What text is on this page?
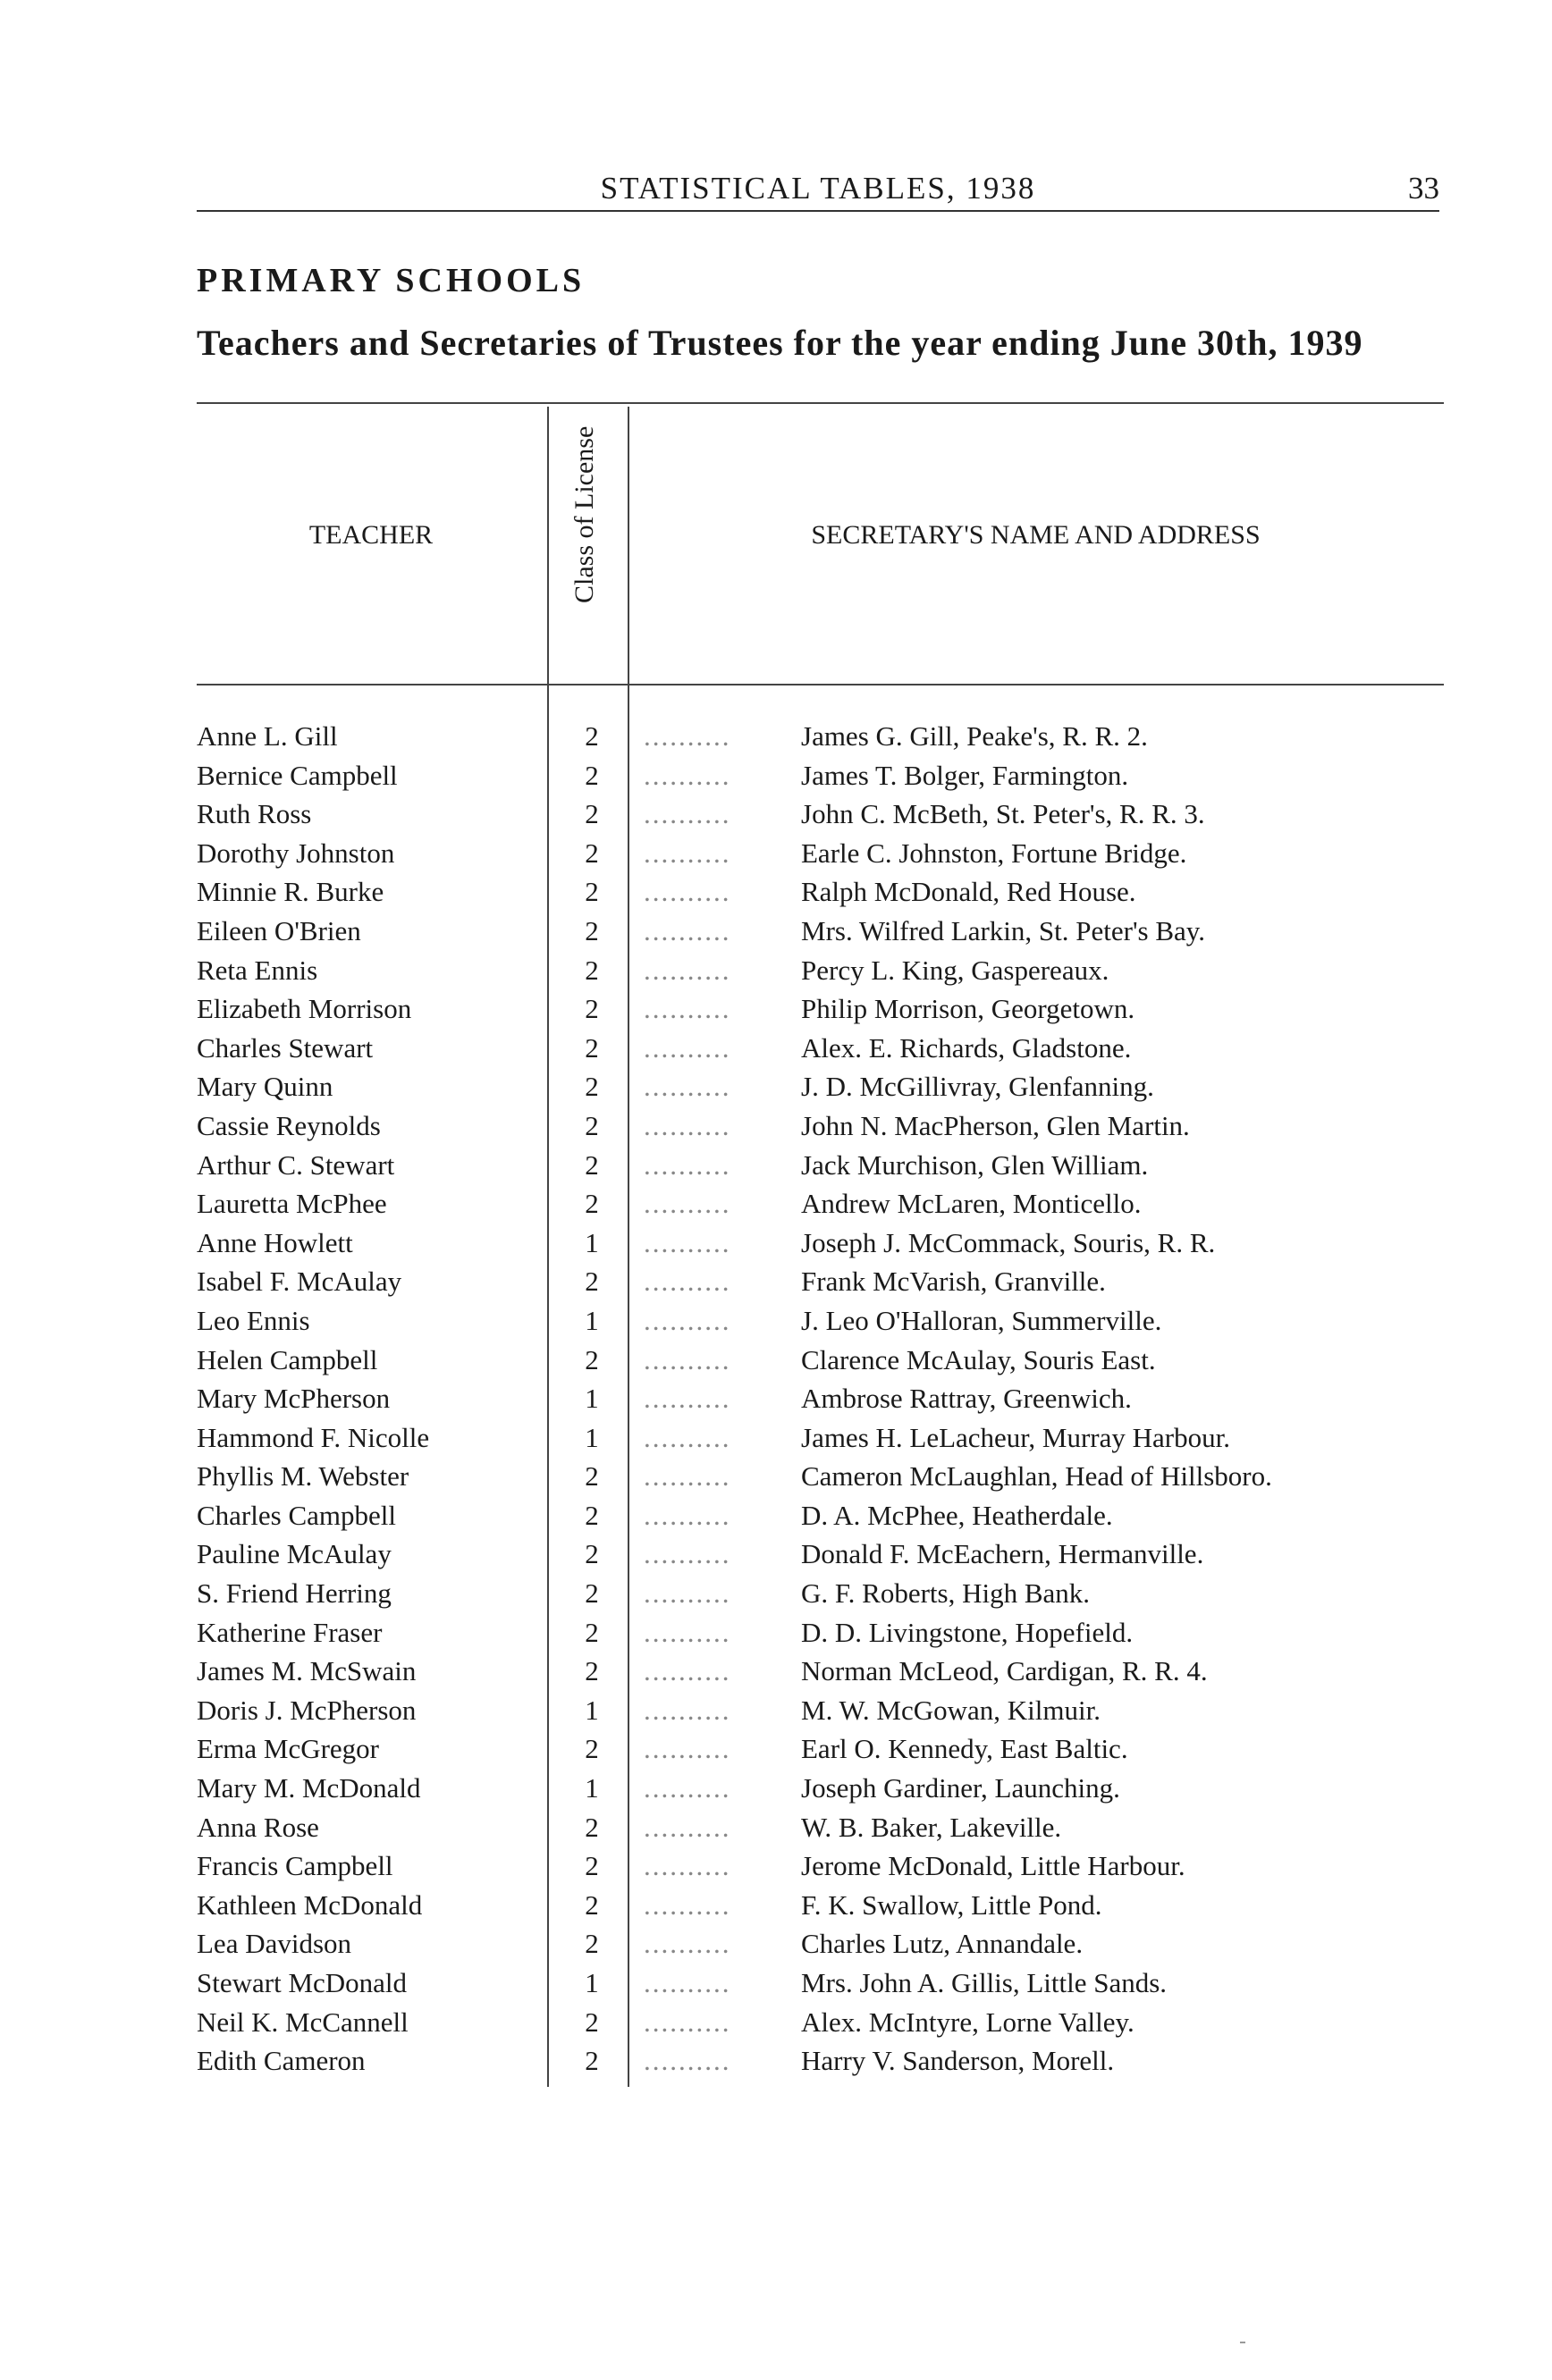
STATISTICAL TABLES, 1938	33
PRIMARY SCHOOLS
Teachers and Secretaries of Trustees for the year ending June 30th, 1939
TEACHER	Class of License	SECRETARY'S NAME AND ADDRESS
Anne L. Gill . . .	2	..........	James G. Gill, Peake's, R. R. 2.
Bernice Campbell . . .	2	..........	James T. Bolger, Farmington.
Ruth Ross . . .	2	..........	John C. McBeth, St. Peter's, R. R. 3.
Dorothy Johnston . . .	2	..........	Earle C. Johnston, Fortune Bridge.
Minnie R. Burke . . .	2	..........	Ralph McDonald, Red House.
Eileen O'Brien . . .	2	..........	Mrs. Wilfred Larkin, St. Peter's Bay.
Reta Ennis . . .	2	..........	Percy L. King, Gaspereaux.
Elizabeth Morrison . . .	2	..........	Philip Morrison, Georgetown.
Charles Stewart . . .	2	..........	Alex. E. Richards, Gladstone.
Mary Quinn . . .	2	..........	J. D. McGillivray, Glenfanning.
Cassie Reynolds . . .	2	..........	John N. MacPherson, Glen Martin.
Arthur C. Stewart . . .	2	..........	Jack Murchison, Glen William.
Lauretta McPhee . . .	2	..........	Andrew McLaren, Monticello.
Anne Howlett . . .	1	..........	Joseph J. McCommack, Souris, R. R.
Isabel F. McAulay . . .	2	..........	Frank McVarish, Granville.
Leo Ennis . . .	1	..........	J. Leo O'Halloran, Summerville.
Helen Campbell . . .	2	..........	Clarence McAulay, Souris East.
Mary McPherson . . .	1	..........	Ambrose Rattray, Greenwich.
Hammond F. Nicolle . . .	1	..........	James H. LeLacheur, Murray Harbour.
Phyllis M. Webster . . .	2	..........	Cameron McLaughlan, Head of Hillsboro.
Charles Campbell . . .	2	..........	D. A. McPhee, Heatherdale.
Pauline McAulay . . .	2	..........	Donald F. McEachern, Hermanville.
S. Friend Herring . . .	2	..........	G. F. Roberts, High Bank.
Katherine Fraser . . .	2	..........	D. D. Livingstone, Hopefield.
James M. McSwain . . .	2	..........	Norman McLeod, Cardigan, R. R. 4.
Doris J. McPherson . . .	1	..........	M. W. McGowan, Kilmuir.
Erma McGregor . . .	2	..........	Earl O. Kennedy, East Baltic.
Mary M. McDonald . . .	1	..........	Joseph Gardiner, Launching.
Anna Rose . . .	2	..........	W. B. Baker, Lakeville.
Francis Campbell . . .	2	..........	Jerome McDonald, Little Harbour.
Kathleen McDonald . . .	2	..........	F. K. Swallow, Little Pond.
Lea Davidson . . .	2	..........	Charles Lutz, Annandale.
Stewart McDonald . . .	1	..........	Mrs. John A. Gillis, Little Sands.
Neil K. McCannell . . .	2	..........	Alex. McIntyre, Lorne Valley.
Edith Cameron . . .	2	..........	Harry V. Sanderson, Morell.
